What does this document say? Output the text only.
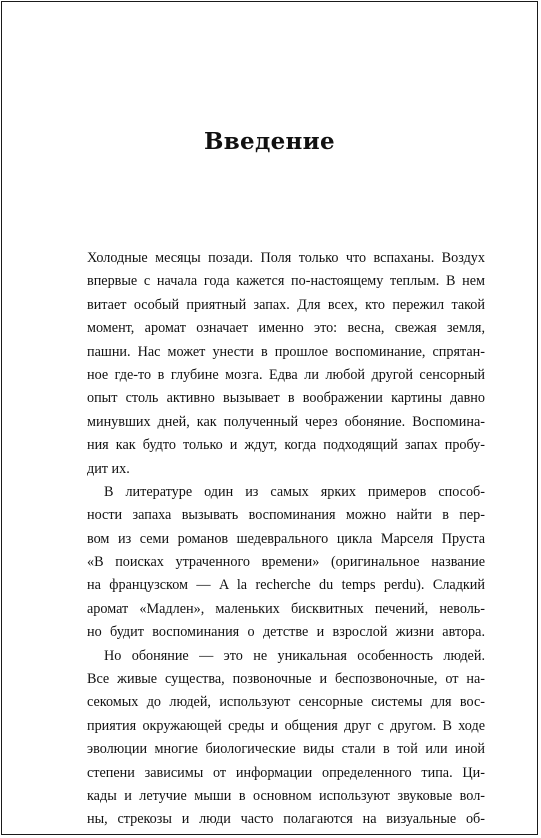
Введение
Холодные месяцы позади. Поля только что вспаханы. Воздух
впервые с начала года кажется по-настоящему теплым. В нем
витает особый приятный запах. Для всех, кто пережил такой
момент, аромат означает именно это: весна, свежая земля,
пашни. Нас может унести в прошлое воспоминание, спрятан-
ное где-то в глубине мозга. Едва ли любой другой сенсорный
опыт столь активно вызывает в воображении картины давно
минувших дней, как полученный через обоняние. Воспомина-
ния как будто только и ждут, когда подходящий запах пробу-
дит их.
В литературе один из самых ярких примеров способ-
ности запаха вызывать воспоминания можно найти в пер-
вом из семи романов шедеврального цикла Марселя Пруста
«В поисках утраченного времени» (оригинальное название
на французском — A la recherche du temps perdu). Сладкий
аромат «Мадлен», маленьких бисквитных печений, неволь-
но будит воспоминания о детстве и взрослой жизни автора.
Но обоняние — это не уникальная особенность людей.
Все живые существа, позвоночные и беспозвоночные, от на-
секомых до людей, используют сенсорные системы для вос-
приятия окружающей среды и общения друг с другом. В ходе
эволюции многие биологические виды стали в той или иной
степени зависимы от информации определенного типа. Ци-
кады и летучие мыши в основном используют звуковые вол-
ны, стрекозы и люди часто полагаются на визуальные об-
